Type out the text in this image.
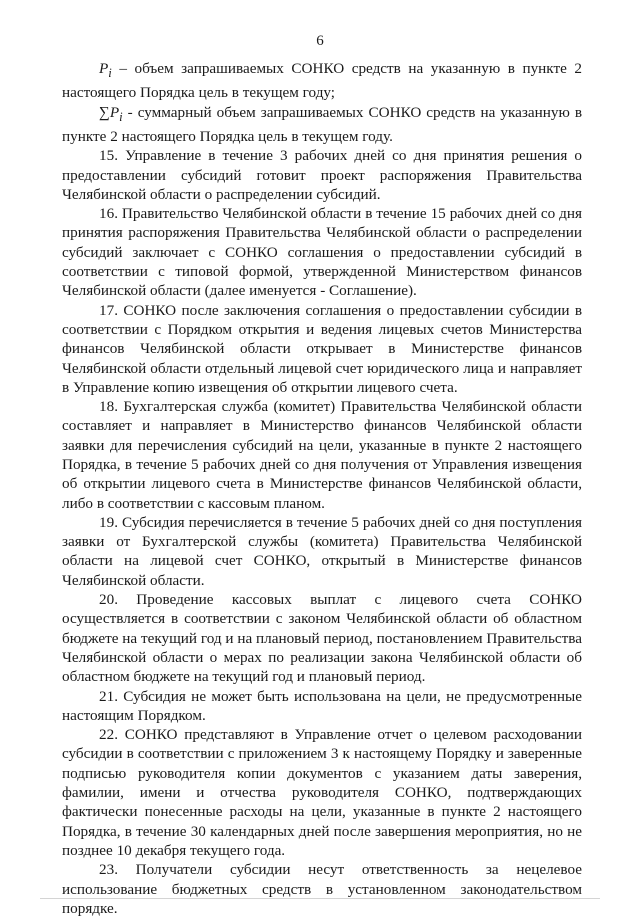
6

$P_i$ – объем запрашиваемых СОНКО средств на указанную в пункте 2 настоящего Порядка цель в текущем году;

$\sum P_i$ - суммарный объем запрашиваемых СОНКО средств на указанную в пункте 2 настоящего Порядка цель в текущем году.

15. Управление в течение 3 рабочих дней со дня принятия решения о предоставлении субсидий готовит проект распоряжения Правительства Челябинской области о распределении субсидий.

16. Правительство Челябинской области в течение 15 рабочих дней со дня принятия распоряжения Правительства Челябинской области о распределении субсидий заключает с СОНКО соглашения о предоставлении субсидий в соответствии с типовой формой, утвержденной Министерством финансов Челябинской области (далее именуется - Соглашение).

17. СОНКО после заключения соглашения о предоставлении субсидии в соответствии с Порядком открытия и ведения лицевых счетов Министерства финансов Челябинской области открывает в Министерстве финансов Челябинской области отдельный лицевой счет юридического лица и направляет в Управление копию извещения об открытии лицевого счета.

18. Бухгалтерская служба (комитет) Правительства Челябинской области составляет и направляет в Министерство финансов Челябинской области заявки для перечисления субсидий на цели, указанные в пункте 2 настоящего Порядка, в течение 5 рабочих дней со дня получения от Управления извещения об открытии лицевого счета в Министерстве финансов Челябинской области, либо в соответствии с кассовым планом.

19. Субсидия перечисляется в течение 5 рабочих дней со дня поступления заявки от Бухгалтерской службы (комитета) Правительства Челябинской области на лицевой счет СОНКО, открытый в Министерстве финансов Челябинской области.

20. Проведение кассовых выплат с лицевого счета СОНКО осуществляется в соответствии с законом Челябинской области об областном бюджете на текущий год и на плановый период, постановлением Правительства Челябинской области о мерах по реализации закона Челябинской области об областном бюджете на текущий год и плановый период.

21. Субсидия не может быть использована на цели, не предусмотренные настоящим Порядком.

22. СОНКО представляют в Управление отчет о целевом расходовании субсидии в соответствии с приложением 3 к настоящему Порядку и заверенные подписью руководителя копии документов с указанием даты заверения, фамилии, имени и отчества руководителя СОНКО, подтверждающих фактически понесенные расходы на цели, указанные в пункте 2 настоящего Порядка, в течение 30 календарных дней после завершения мероприятия, но не позднее 10 декабря текущего года.

23. Получатели субсидии несут ответственность за нецелевое использование бюджетных средств в установленном законодательством порядке.
